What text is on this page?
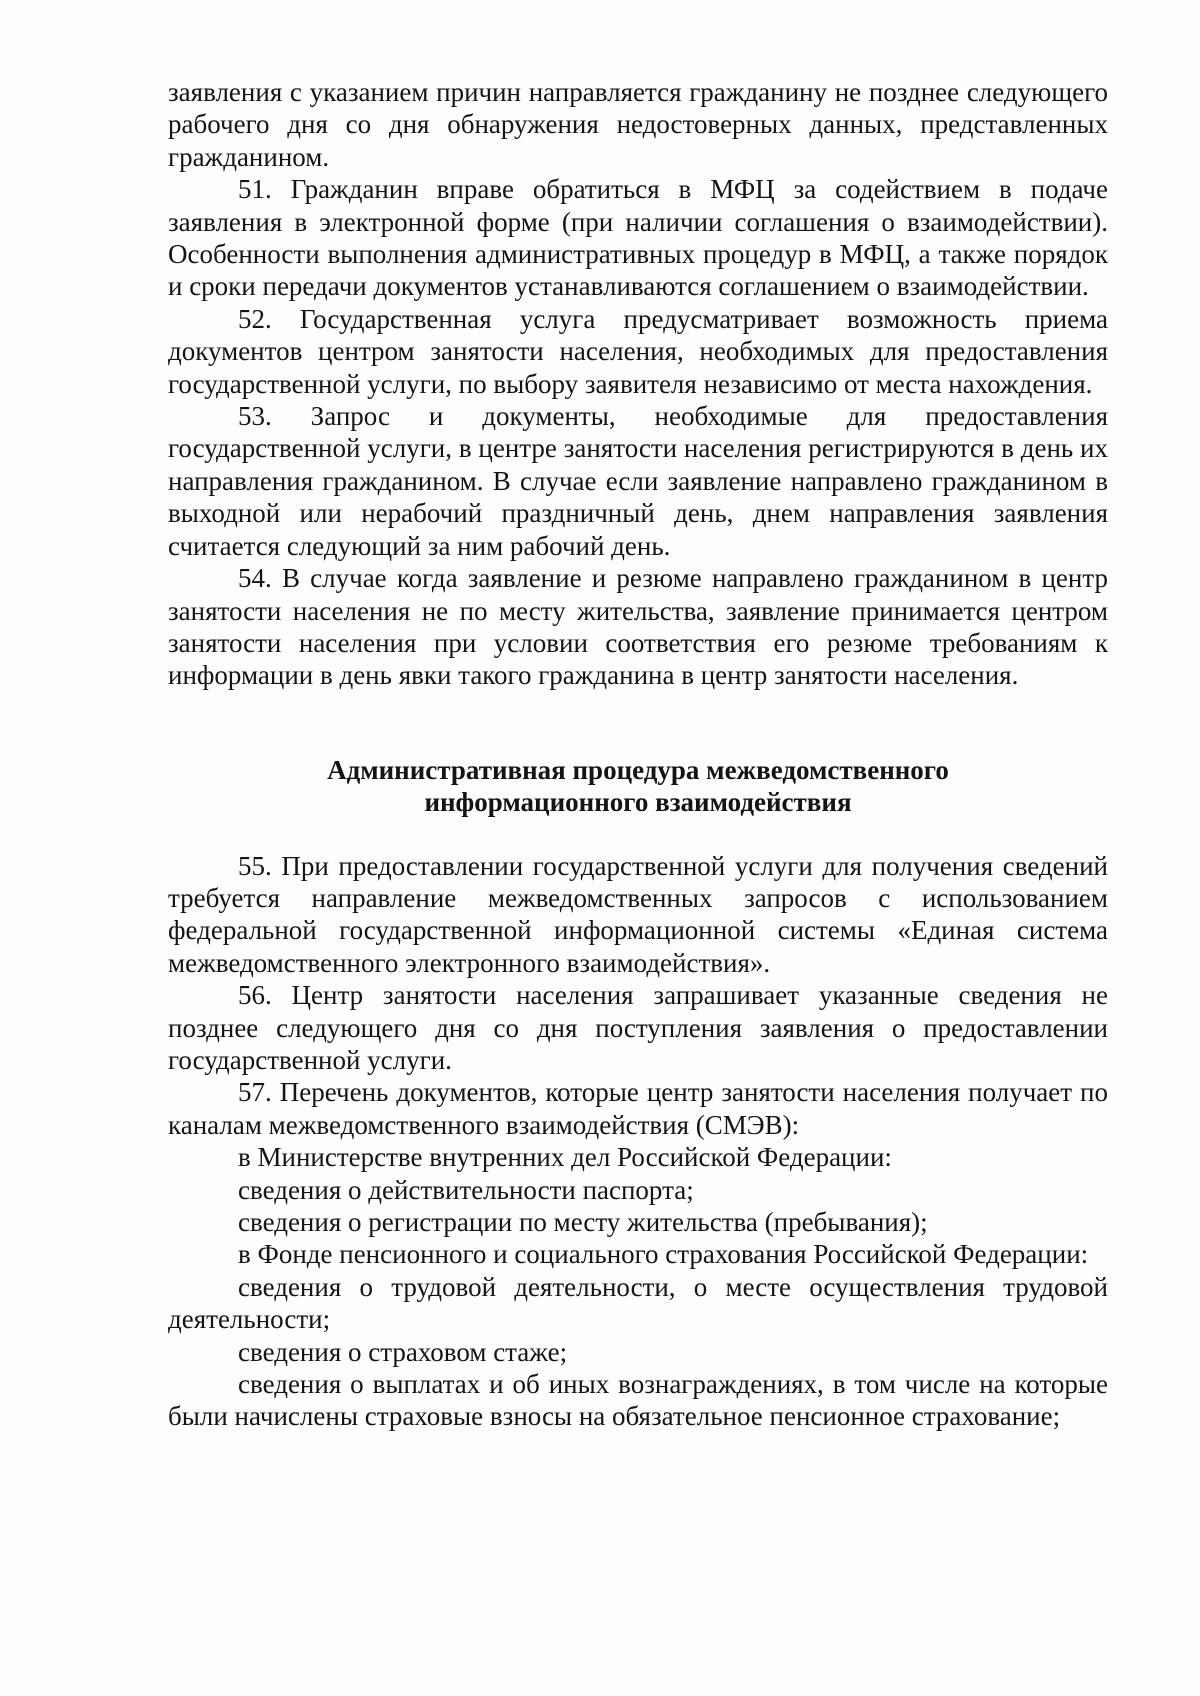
заявления с указанием причин направляется гражданину не позднее следующего рабочего дня со дня обнаружения недостоверных данных, представленных гражданином.

51. Гражданин вправе обратиться в МФЦ за содействием в подаче заявления в электронной форме (при наличии соглашения о взаимодействии). Особенности выполнения административных процедур в МФЦ, а также порядок и сроки передачи документов устанавливаются соглашением о взаимодействии.

52. Государственная услуга предусматривает возможность приема документов центром занятости населения, необходимых для предоставления государственной услуги, по выбору заявителя независимо от места нахождения.

53. Запрос и документы, необходимые для предоставления государственной услуги, в центре занятости населения регистрируются в день их направления гражданином. В случае если заявление направлено гражданином в выходной или нерабочий праздничный день, днем направления заявления считается следующий за ним рабочий день.

54. В случае когда заявление и резюме направлено гражданином в центр занятости населения не по месту жительства, заявление принимается центром занятости населения при условии соответствия его резюме требованиям к информации в день явки такого гражданина в центр занятости населения.

Административная процедура межведомственного
информационного взаимодействия

55. При предоставлении государственной услуги для получения сведений требуется направление межведомственных запросов с использованием федеральной государственной информационной системы «Единая система межведомственного электронного взаимодействия».

56. Центр занятости населения запрашивает указанные сведения не позднее следующего дня со дня поступления заявления о предоставлении государственной услуги.

57. Перечень документов, которые центр занятости населения получает по каналам межведомственного взаимодействия (СМЭВ):

в Министерстве внутренних дел Российской Федерации:

сведения о действительности паспорта;

сведения о регистрации по месту жительства (пребывания);

в Фонде пенсионного и социального страхования Российской Федерации:

сведения о трудовой деятельности, о месте осуществления трудовой деятельности;

сведения о страховом стаже;

сведения о выплатах и об иных вознаграждениях, в том числе на которые были начислены страховые взносы на обязательное пенсионное страхование;
